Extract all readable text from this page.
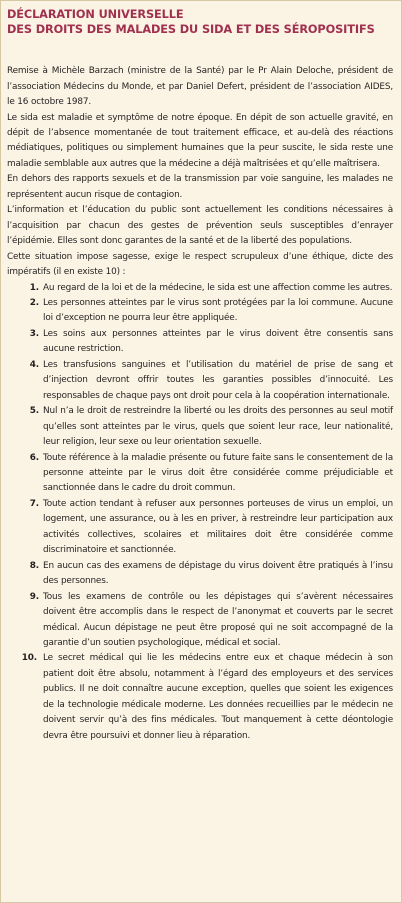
DÉCLARATION UNIVERSELLE
DES DROITS DES MALADES DU SIDA ET DES SÉROPOSITIFS

Remise à Michèle Barzach (ministre de la Santé) par le Pr Alain Deloche, président de l’association Médecins du Monde, et par Daniel Defert, président de l’association AIDES, le 16 octobre 1987.

Le sida est maladie et symptôme de notre époque. En dépit de son actuelle gravité, en dépit de l’absence momentanée de tout traitement efficace, et au-delà des réactions médiatiques, politiques ou simplement humaines que la peur suscite, le sida reste une maladie semblable aux autres que la médecine a déjà maîtrisées et qu’elle maîtrisera.

En dehors des rapports sexuels et de la transmission par voie sanguine, les malades ne représentent aucun risque de contagion.

L’information et l’éducation du public sont actuellement les conditions nécessaires à l’acquisition par chacun des gestes de prévention seuls susceptibles d’enrayer l’épidémie. Elles sont donc garantes de la santé et de la liberté des populations.

Cette situation impose sagesse, exige le respect scrupuleux d’une éthique, dicte des impératifs (il en existe 10) :

1. Au regard de la loi et de la médecine, le sida est une affection comme les autres.
2. Les personnes atteintes par le virus sont protégées par la loi commune. Aucune loi d’exception ne pourra leur être appliquée.
3. Les soins aux personnes atteintes par le virus doivent être consentis sans aucune restriction.
4. Les transfusions sanguines et l’utilisation du matériel de prise de sang et d’injection devront offrir toutes les garanties possibles d’innocuité. Les responsables de chaque pays ont droit pour cela à la coopération internationale.
5. Nul n’a le droit de restreindre la liberté ou les droits des personnes au seul motif qu’elles sont atteintes par le virus, quels que soient leur race, leur nationalité, leur religion, leur sexe ou leur orientation sexuelle.
6. Toute référence à la maladie présente ou future faite sans le consentement de la personne atteinte par le virus doit être considérée comme préjudiciable et sanctionnée dans le cadre du droit commun.
7. Toute action tendant à refuser aux personnes porteuses de virus un emploi, un logement, une assurance, ou à les en priver, à restreindre leur participation aux activités collectives, scolaires et militaires doit être considérée comme discriminatoire et sanctionnée.
8. En aucun cas des examens de dépistage du virus doivent être pratiqués à l’insu des personnes.
9. Tous les examens de contrôle ou les dépistages qui s’avèrent nécessaires doivent être accomplis dans le respect de l’anonymat et couverts par le secret médical. Aucun dépistage ne peut être proposé qui ne soit accompagné de la garantie d’un soutien psychologique, médical et social.
10. Le secret médical qui lie les médecins entre eux et chaque médecin à son patient doit être absolu, notamment à l’égard des employeurs et des services publics. Il ne doit connaître aucune exception, quelles que soient les exigences de la technologie médicale moderne. Les données recueillies par le médecin ne doivent servir qu’à des fins médicales. Tout manquement à cette déontologie devra être poursuivi et donner lieu à réparation.
